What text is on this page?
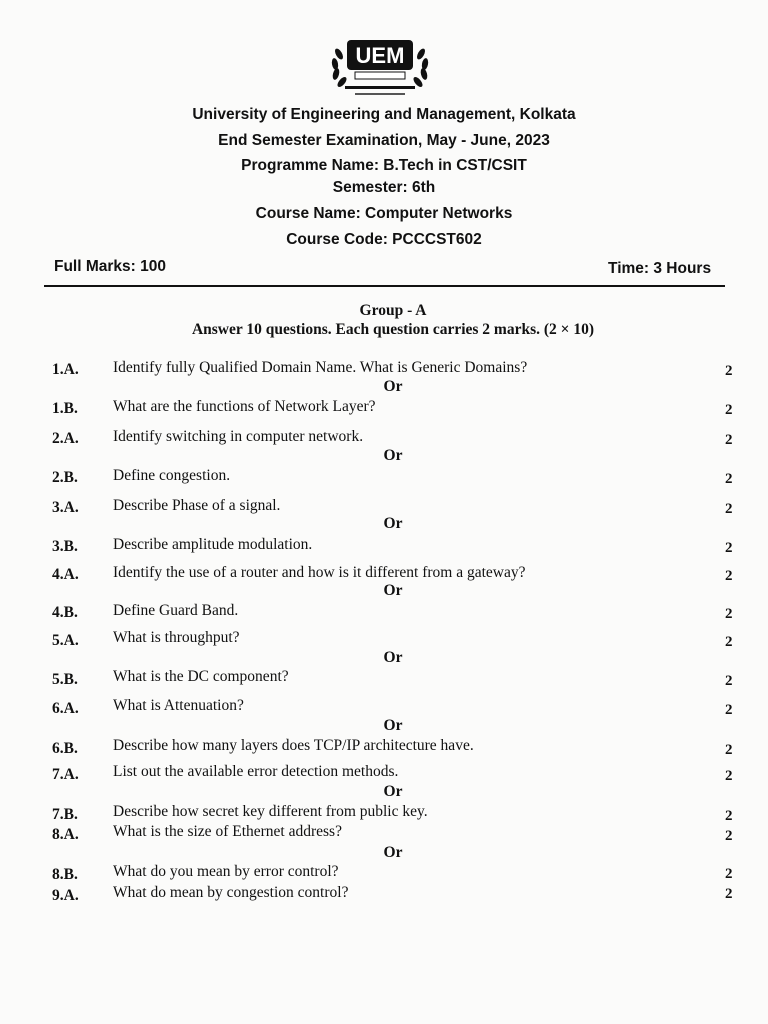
UEM
University of Engineering and Management, Kolkata
End Semester Examination, May - June, 2023
Programme Name: B.Tech in CST/CSIT
Semester: 6th
Course Name: Computer Networks
Course Code: PCCCST602
Full Marks: 100	Time: 3 Hours
Group - A
Answer 10 questions. Each question carries 2 marks. (2 × 10)
1.A. Identify fully Qualified Domain Name. What is Generic Domains?	2
Or
1.B. What are the functions of Network Layer?	2
2.A. Identify switching in computer network.	2
Or
2.B. Define congestion.	2
3.A. Describe Phase of a signal.	2
Or
3.B. Describe amplitude modulation.	2
4.A. Identify the use of a router and how is it different from a gateway?	2
Or
4.B. Define Guard Band.	2
5.A. What is throughput?	2
Or
5.B. What is the DC component?	2
6.A. What is Attenuation?	2
Or
6.B. Describe how many layers does TCP/IP architecture have.	2
7.A. List out the available error detection methods.	2
Or
7.B. Describe how secret key different from public key.	2
8.A. What is the size of Ethernet address?	2
Or
8.B. What do you mean by error control?	2
9.A. What do mean by congestion control?	2
